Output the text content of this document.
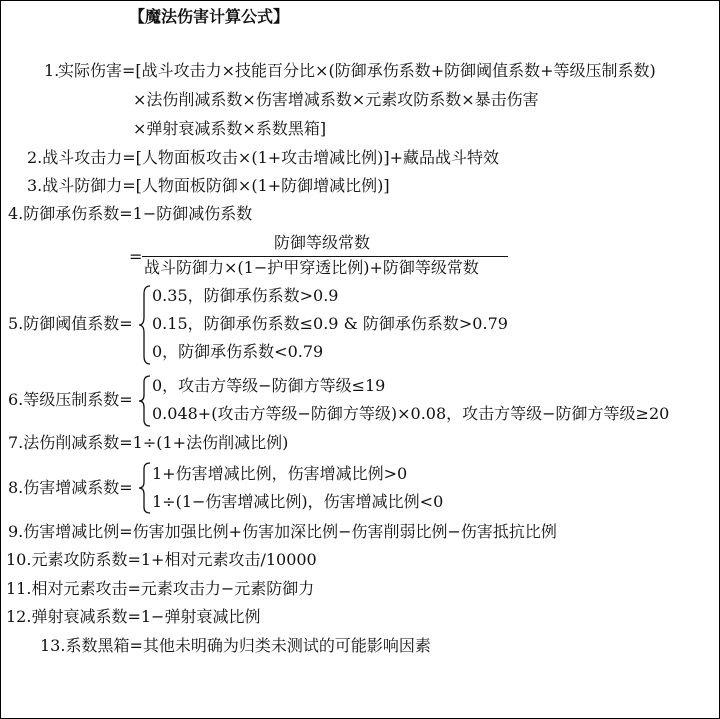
【魔法伤害计算公式】
1.
实际伤害=[战斗攻击力×技能百分比×(防御承伤系数+防御阈值系数+等级压制系数)
×法伤削减系数×伤害增减系数×元素攻防系数×暴击伤害
×弹射衰减系数×系数黑箱]
2.战斗攻击力=[人物面板攻击×(1+攻击增减比例)]+藏品战斗特效
3.战斗防御力=[人物面板防御×(1+防御增减比例)]
4.防御承伤系数=1−防御减伤系数
=
防御等级常数
战斗防御力×(1−护甲穿透比例)+防御等级常数
5.防御阈值系数=
0.35，防御承伤系数>0.9
0.15，防御承伤系数≤0.9 & 防御承伤系数>0.79
0，防御承伤系数<0.79
6.等级压制系数=
0，攻击方等级−防御方等级≤19
0.048+(攻击方等级−防御方等级)×0.08，攻击方等级−防御方等级≥20
7.法伤削减系数=1÷(1+法伤削减比例)
8.伤害增减系数=
1+伤害增减比例，伤害增减比例>0
1÷(1−伤害增减比例)，伤害增减比例<0
9.伤害增减比例=伤害加强比例+伤害加深比例−伤害削弱比例−伤害抵抗比例
10.元素攻防系数=1+相对元素攻击/10000
11.相对元素攻击=元素攻击力−元素防御力
12.弹射衰减系数=1−弹射衰减比例
13.系数黑箱=其他未明确为归类未测试的可能影响因素
